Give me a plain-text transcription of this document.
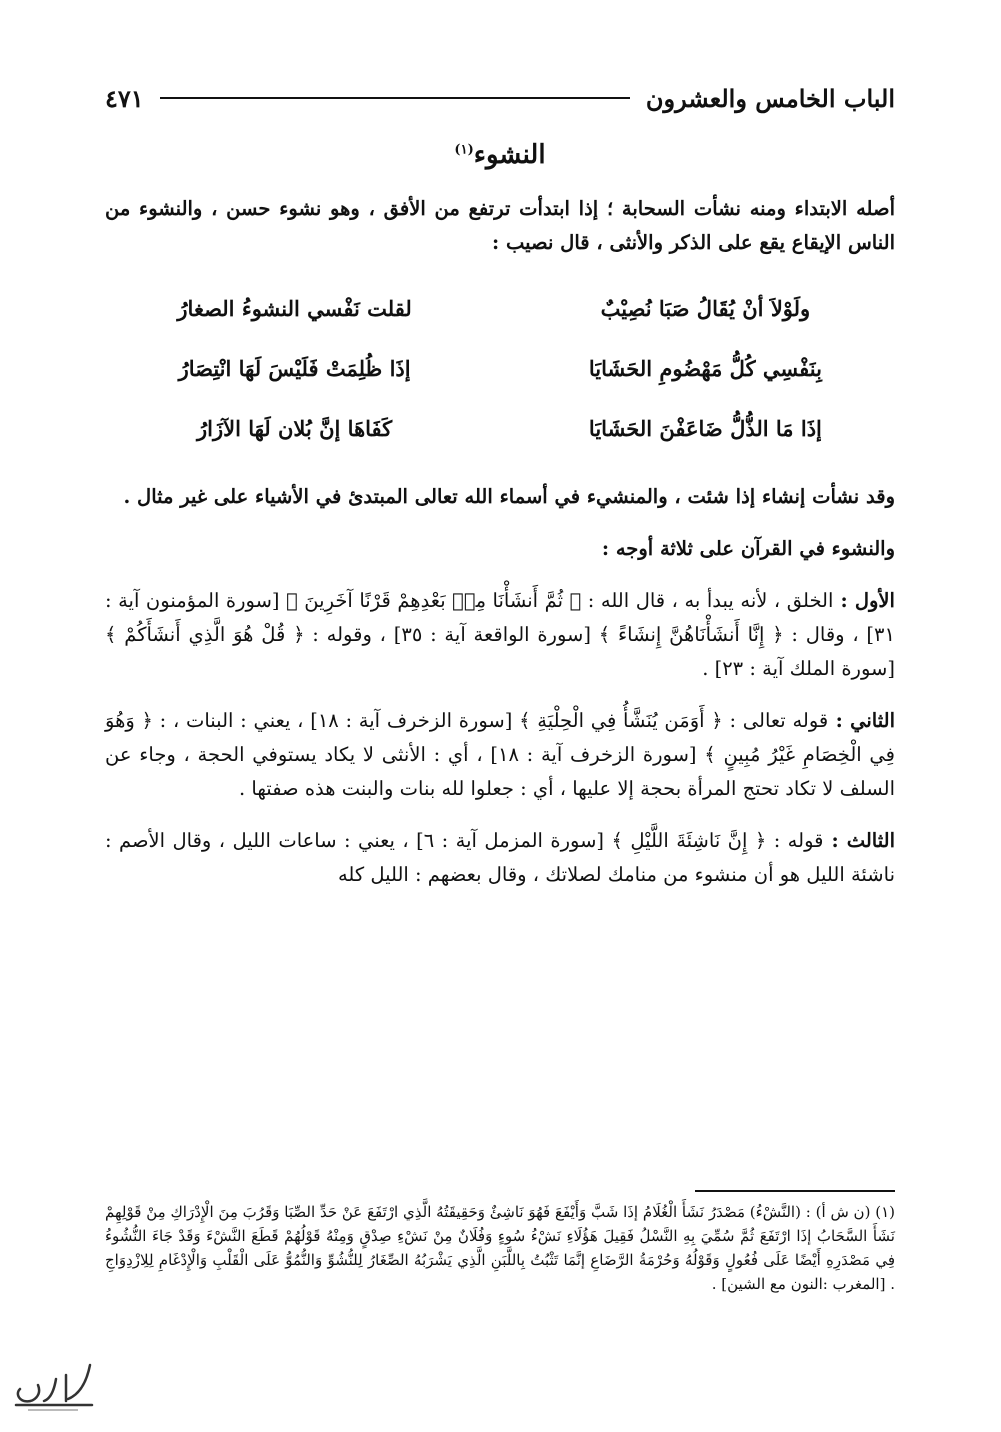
الباب الخامس والعشرون
٤٧١
النشوء$^{(١)}$

أصله الابتداء ومنه نشأت السحابة ؛ إذا ابتدأت ترتفع من الأفق ، وهو نشوء حسن ، والنشوء من الناس الإيقاع يقع على الذكر والأنثى ، قال نصيب :

ولَوْلاَ أنْ يُقَالُ صَبَا نُصِيْبٌ
لقلت نَفْسي النشوءُ الصغارُ
بِنَفْسِي كُلُّ مَهْضُومِ الحَشَايَا
إذَا ظُلِمَتْ فَلَيْسَ لَهَا انْتِصَارُ
إذَا مَا الذُّلُّ ضَاعَفْنَ الحَشَايَا
كَفَاهَا إنَّ بُلان لَهَا الآزَارُ

وقد نشأت إنشاء إذا شئت ، والمنشيء في أسماء الله تعالى المبتدئ في الأشياء على غير مثال .

والنشوء في القرآن على ثلاثة أوجه :

الأول : الخلق ، لأنه يبدأ به ، قال الله : ﴿ ثُمَّ أَنشَأْنَا مِنۢ بَعْدِهِمْ قَرْنًا آخَرِينَ ﴾ [سورة المؤمنون آية : ٣١] ، وقال : ﴿ إِنَّا أَنشَأْنَاهُنَّ إِنشَاءً ﴾ [سورة الواقعة آية : ٣٥] ، وقوله : ﴿ قُلْ هُوَ الَّذِي أَنشَأَكُمْ ﴾ [سورة الملك آية : ٢٣] .

الثاني : قوله تعالى : ﴿ أَوَمَن يُنَشَّأُ فِي الْحِلْيَةِ ﴾ [سورة الزخرف آية : ١٨] ، يعني : البنات ، : ﴿ وَهُوَ فِي الْخِصَامِ غَيْرُ مُبِينٍ ﴾ [سورة الزخرف آية : ١٨] ، أي : الأنثى لا يكاد يستوفي الحجة ، وجاء عن السلف لا تكاد تحتج المرأة بحجة إلا عليها ، أي : جعلوا لله بنات والبنت هذه صفتها .

الثالث : قوله : ﴿ إِنَّ نَاشِئَةَ اللَّيْلِ ﴾ [سورة المزمل آية : ٦] ، يعني : ساعات الليل ، وقال الأصم : ناشئة الليل هو أن منشوء من منامك لصلاتك ، وقال بعضهم : الليل كله

(١) (ن ش أ) : (النَّشْءُ) مَصْدَرُ نَشَأَ الْغُلَامُ إذَا شَبَّ وَأَيْفَعَ فَهُوَ نَاشِئٌ وَحَقِيقَتُهُ الَّذِي ارْتَفَعَ عَنْ حَدِّ الصِّبَا وَقَرُبَ مِنَ الْإِدْرَاكِ مِنْ قَوْلِهِمْ نَشَأَ السَّحَابُ إذَا ارْتَفَعَ ثُمَّ سُمِّيَ بِهِ النَّسْلُ فَقِيلَ هَؤُلَاءِ نَشْءُ سُوءٍ وَفُلَانٌ مِنْ نَشْءِ صِدْقٍ وَمِنْهُ قَوْلُهُمْ قَطَعَ النَّشْءَ وَقَدْ جَاءَ النُّشُوءُ فِي مَصْدَرِهِ أَيْضًا عَلَى فُعُولٍ وَقَوْلُهُ وَحُرْمَةُ الرَّضَاعِ إنَّمَا تَثْبُتُ بِاللَّبَنِ الَّذِي يَشْرَبُهُ الصِّغَارُ لِلنُّشُوِّ وَالنُّمُوُّ عَلَى الْقَلْبِ وَالْإِدْغَامِ لِلِازْدِوَاجِ . [المغرب :النون مع الشين] .
